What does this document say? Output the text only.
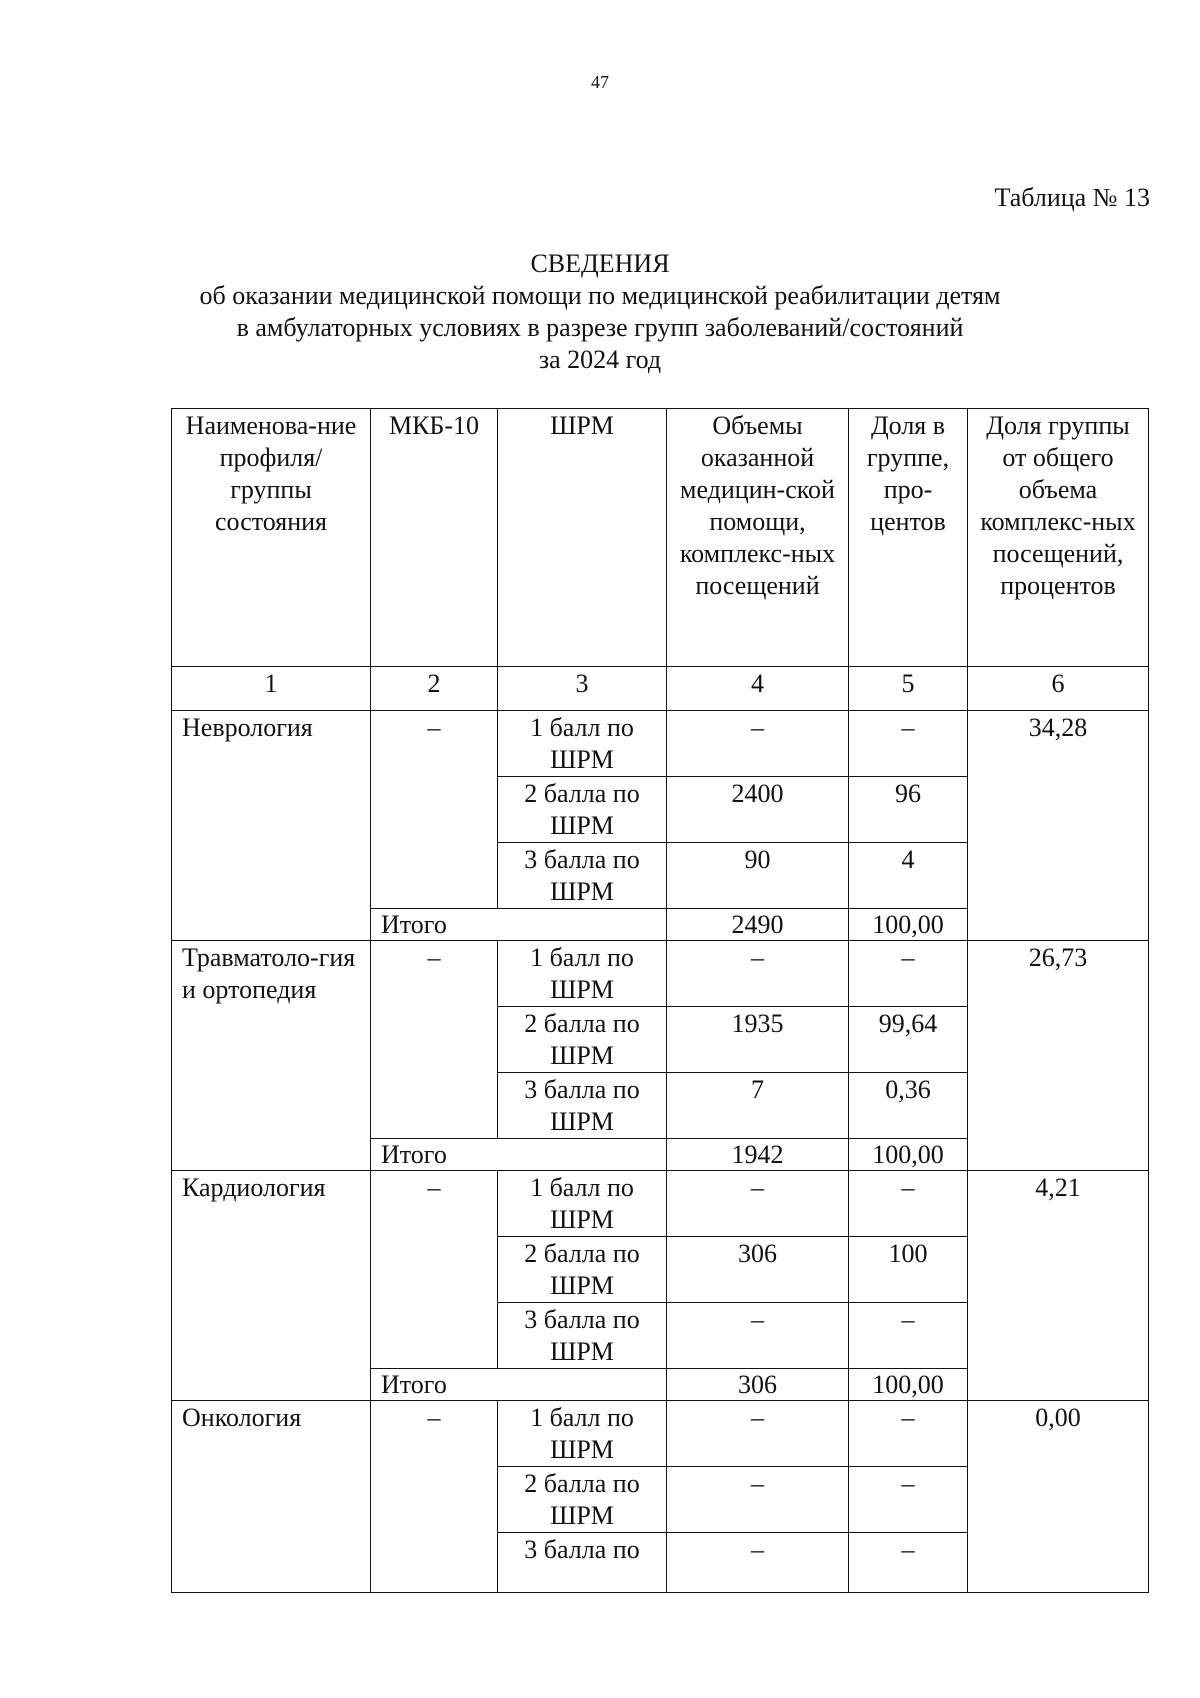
47
Таблица № 13
СВЕДЕНИЯ
об оказании медицинской помощи по медицинской реабилитации детям
в амбулаторных условиях в разрезе групп заболеваний/состояний
за 2024 год
Наименова-ние профиля/ группы состояния	МКБ-10	ШРМ	Объемы оказанной медицин-ской помощи, комплекс-ных посещений	Доля в группе, про-центов	Доля группы от общего объема комплекс-ных посещений, процентов
1	2	3	4	5	6
Неврология	–	1 балл по ШРМ	–	–	34,28
		2 балла по ШРМ	2400	96	
		3 балла по ШРМ	90	4	
	Итого		2490	100,00	
Травматоло-гия и ортопедия	–	1 балл по ШРМ	–	–	26,73
		2 балла по ШРМ	1935	99,64	
		3 балла по ШРМ	7	0,36	
	Итого		1942	100,00	
Кардиология	–	1 балл по ШРМ	–	–	4,21
		2 балла по ШРМ	306	100	
		3 балла по ШРМ	–	–	
	Итого		306	100,00	
Онкология	–	1 балл по ШРМ	–	–	0,00
		2 балла по ШРМ	–	–	
		3 балла по	–	–	
